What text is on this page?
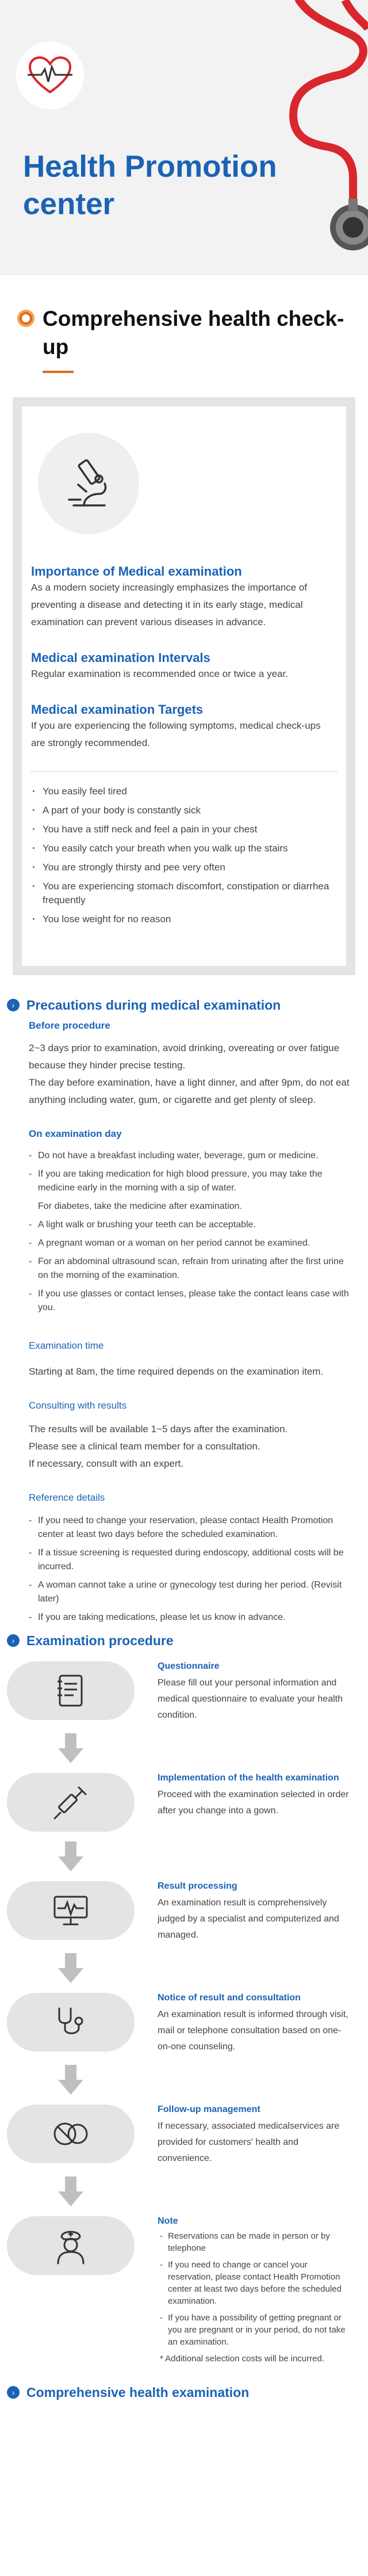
Health Promotion center
Comprehensive health check-up
Importance of Medical examination

As a modern society increasingly emphasizes the importance of preventing a disease and detecting it in its early stage, medical examination can prevent various diseases in advance.

Medical examination Intervals

Regular examination is recommended once or twice a year.

Medical examination Targets

If you are experiencing the following symptoms, medical check-ups are strongly recommended.

· You easily feel tired
· A part of your body is constantly sick
· You have a stiff neck and feel a pain in your chest
· You easily catch your breath when you walk up the stairs
· You are strongly thirsty and pee very often
· You are experiencing stomach discomfort, constipation or diarrhea frequently
· You lose weight for no reason
› Precautions during medical examination
Before procedure

2~3 days prior to examination, avoid drinking, overeating or over fatigue because they hinder precise testing.

The day before examination, have a light dinner, and after 9pm, do not eat anything including water, gum, or cigarette and get plenty of sleep.

On examination day
- Do not have a breakfast including water, beverage, gum or medicine.
- If you are taking medication for high blood pressure, you may take the medicine early in the morning with a sip of water.
For diabetes, take the medicine after examination.
- A light walk or brushing your teeth can be acceptable.
- A pregnant woman or a woman on her period cannot be examined.
- For an abdominal ultrasound scan, refrain from urinating after the first urine on the morning of the examination.
- If you use glasses or contact lenses, please take the contact leans case with you.
Examination time

Starting at 8am, the time required depends on the examination item.

Consulting with results

The results will be available 1~5 days after the examination.

Please see a clinical team member for a consultation.

If necessary, consult with an expert.

Reference details
- If you need to change your reservation, please contact Health Promotion center at least two days before the scheduled examination.
- If a tissue screening is requested during endoscopy, additional costs will be incurred.
- A woman cannot take a urine or gynecology test during her period. (Revisit later)
- If you are taking medications, please let us know in advance.
› Examination procedure
Questionnaire

Please fill out your personal information and medical questionnaire to evaluate your health condition.

Implementation of the health examination

Proceed with the examination selected in order after you change into a gown.

Result processing

An examination result is comprehensively judged by a specialist and computerized and managed.

Notice of result and consultation

An examination result is informed through visit, mail or telephone consultation based on one-on-one counseling.

Follow-up management

If necessary, associated medicalservices are provided for customers' health and convenience.

Note
- Reservations can be made in person or by telephone
- If you need to change or cancel your reservation, please contact Health Promotion center at least two days before the scheduled examination.
- If you have a possibility of getting pregnant or you are pregnant or in your period, do not take an examination.
* Additional selection costs will be incurred.
› Comprehensive health examination
